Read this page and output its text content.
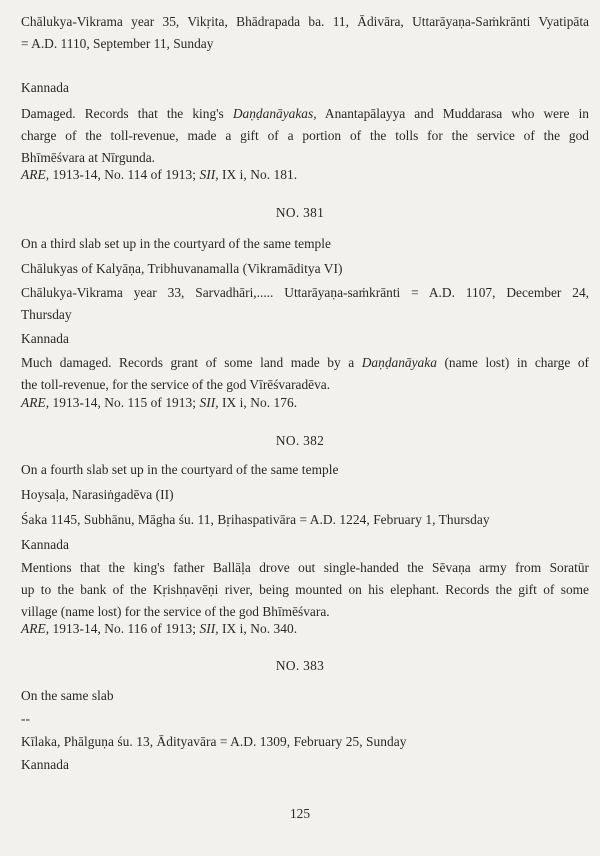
Chālukya-Vikrama year 35, Vikṛita, Bhādrapada ba. 11, Ādivāra, Uttarāyaṇa-Saṁkrānti Vyatipāta
= A.D. 1110, September 11, Sunday
Kannada
Damaged. Records that the king's Daṇḍanāyakas, Anantapālayya and Muddarasa who were in
charge of the toll-revenue, made a gift of a portion of the tolls for the service of the god
Bhīmēśvara at Nīrgunda.
ARE, 1913-14, No. 114 of 1913; SII, IX i, No. 181.
NO. 381
On a third slab set up in the courtyard of the same temple
Chālukyas of Kalyāṇa, Tribhuvanamalla (Vikramāditya VI)
Chālukya-Vikrama year 33, Sarvadhāri,..... Uttarāyaṇa-saṁkrānti = A.D. 1107, December 24,
Thursday
Kannada
Much damaged. Records grant of some land made by a Daṇḍanāyaka (name lost) in charge of
the toll-revenue, for the service of the god Vīrēśvaradēva.
ARE, 1913-14, No. 115 of 1913; SII, IX i, No. 176.
NO. 382
On a fourth slab set up in the courtyard of the same temple
Hoysaḷa, Narasiṅgadēva (II)
Śaka 1145, Subhānu, Māgha śu. 11, Bṛihaspativāra = A.D. 1224, February 1, Thursday
Kannada
Mentions that the king's father Ballāḷa drove out single-handed the Sēvaṇa army from Soratūr
up to the bank of the Kṛishṇavēṇi river, being mounted on his elephant. Records the gift of some
village (name lost) for the service of the god Bhīmēśvara.
ARE, 1913-14, No. 116 of 1913; SII, IX i, No. 340.
NO. 383
On the same slab
--
Kīlaka, Phālguṇa śu. 13, Ādityavāra = A.D. 1309, February 25, Sunday
Kannada
125
